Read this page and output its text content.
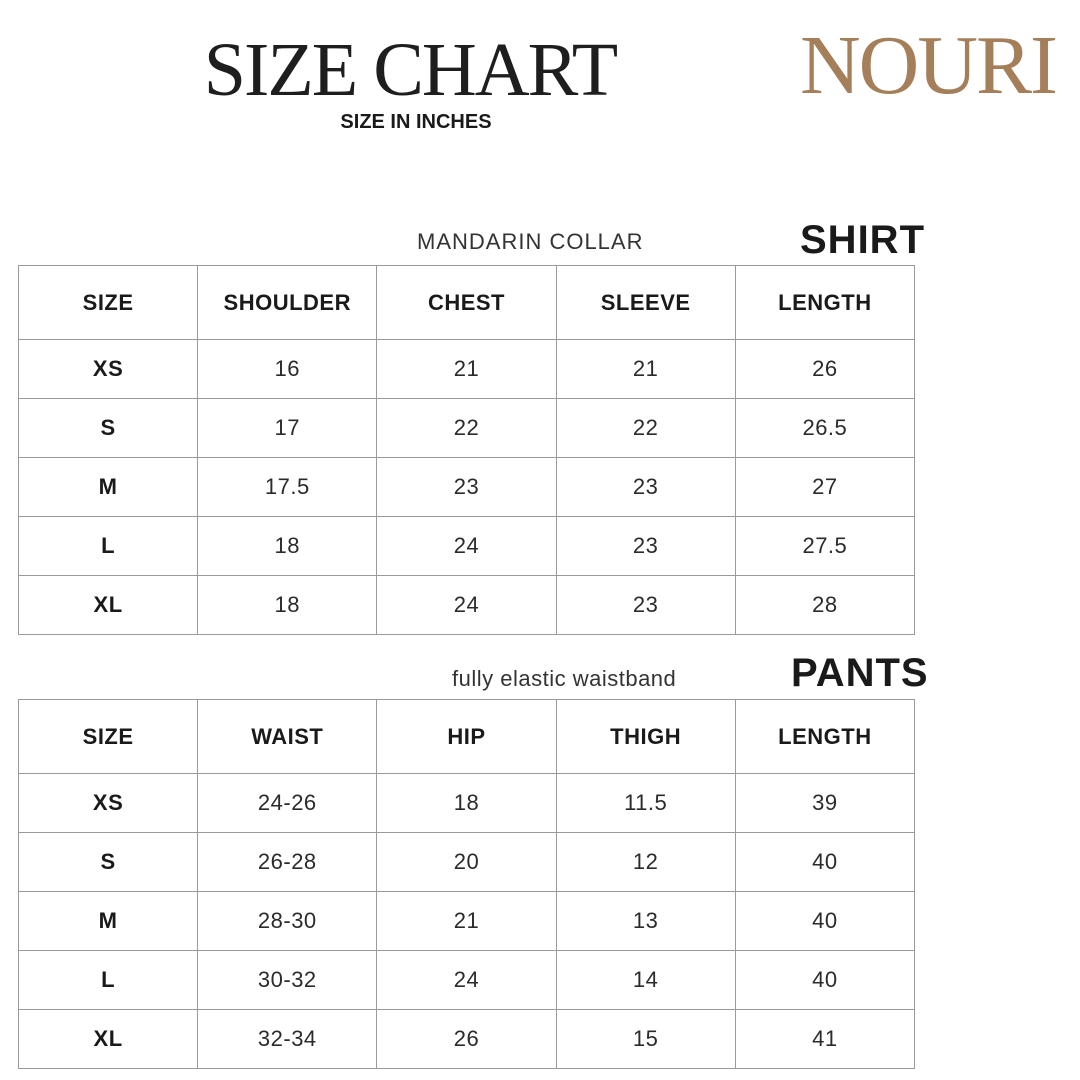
SIZE CHART
SIZE IN INCHES
NOURI
MANDARIN COLLAR	SHIRT
SIZE	SHOULDER	CHEST	SLEEVE	LENGTH
XS	16	21	21	26
S	17	22	22	26.5
M	17.5	23	23	27
L	18	24	23	27.5
XL	18	24	23	28
fully elastic waistband	PANTS
SIZE	WAIST	HIP	THIGH	LENGTH
XS	24-26	18	11.5	39
S	26-28	20	12	40
M	28-30	21	13	40
L	30-32	24	14	40
XL	32-34	26	15	41
